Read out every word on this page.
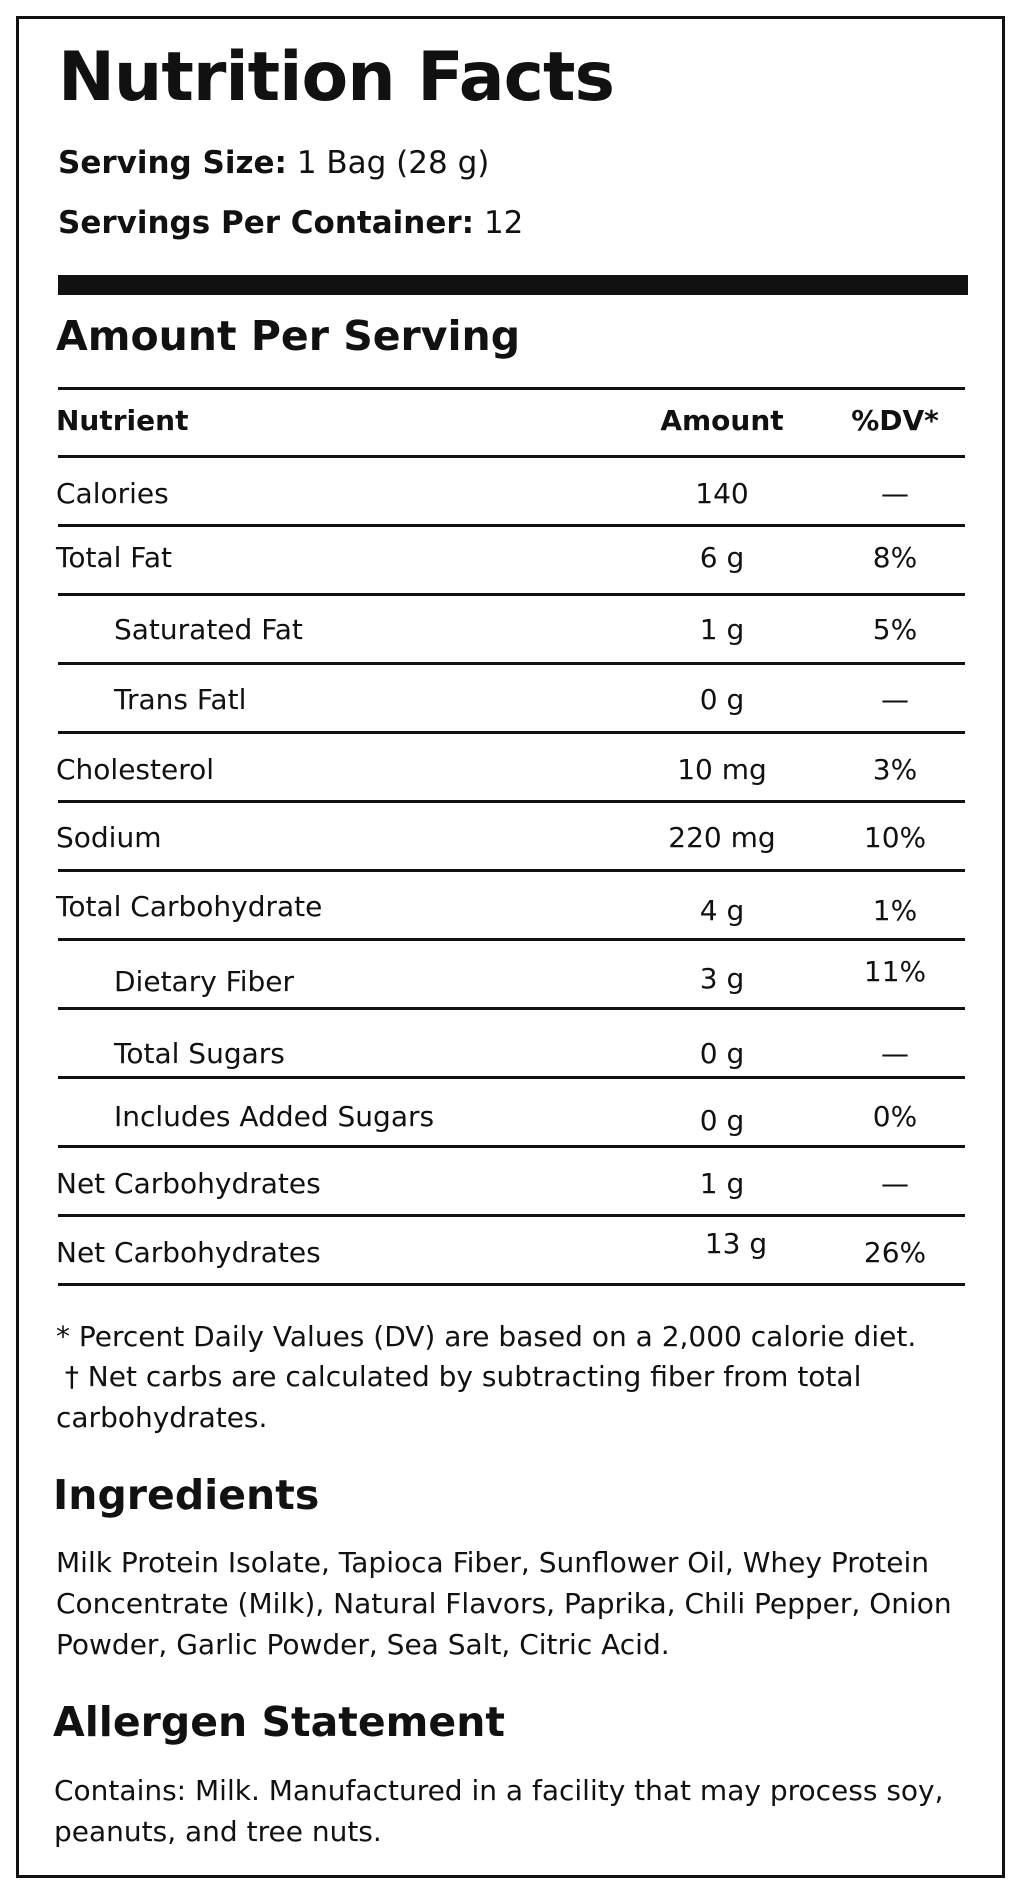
Nutrition Facts
Serving Size: 1 Bag (28 g)
Servings Per Container: 12
Amount Per Serving
Nutrient	Amount %DV*
Calories	140	—
Total Fat	6 g	8%
Saturated Fat	1 g	5%
Trans Fatl	0 g	—
Cholesterol	10 mg	3%
Sodium	220 mg	10%
Total Carbohydrate	4 g	1%
Dietary Fiber	3 g	11%
Total Sugars	0 g	—
Includes Added Sugars	0 g	0%
Net Carbohydrates	1 g	—
Net Carbohydrates	13 g	26%
* Percent Daily Values (DV) are based on a 2,000 calorie diet.
† Net carbs are calculated by subtracting fiber from total
carbohydrates.
Ingredients
Milk Protein Isolate, Tapioca Fiber, Sunflower Oil, Whey Protein Concentrate (Milk), Natural Flavors, Paprika, Chili Pepper, Onion Powder, Garlic Powder, Sea Salt, Citric Acid.
Allergen Statement
Contains: Milk. Manufactured in a facility that may process soy, peanuts, and tree nuts.
